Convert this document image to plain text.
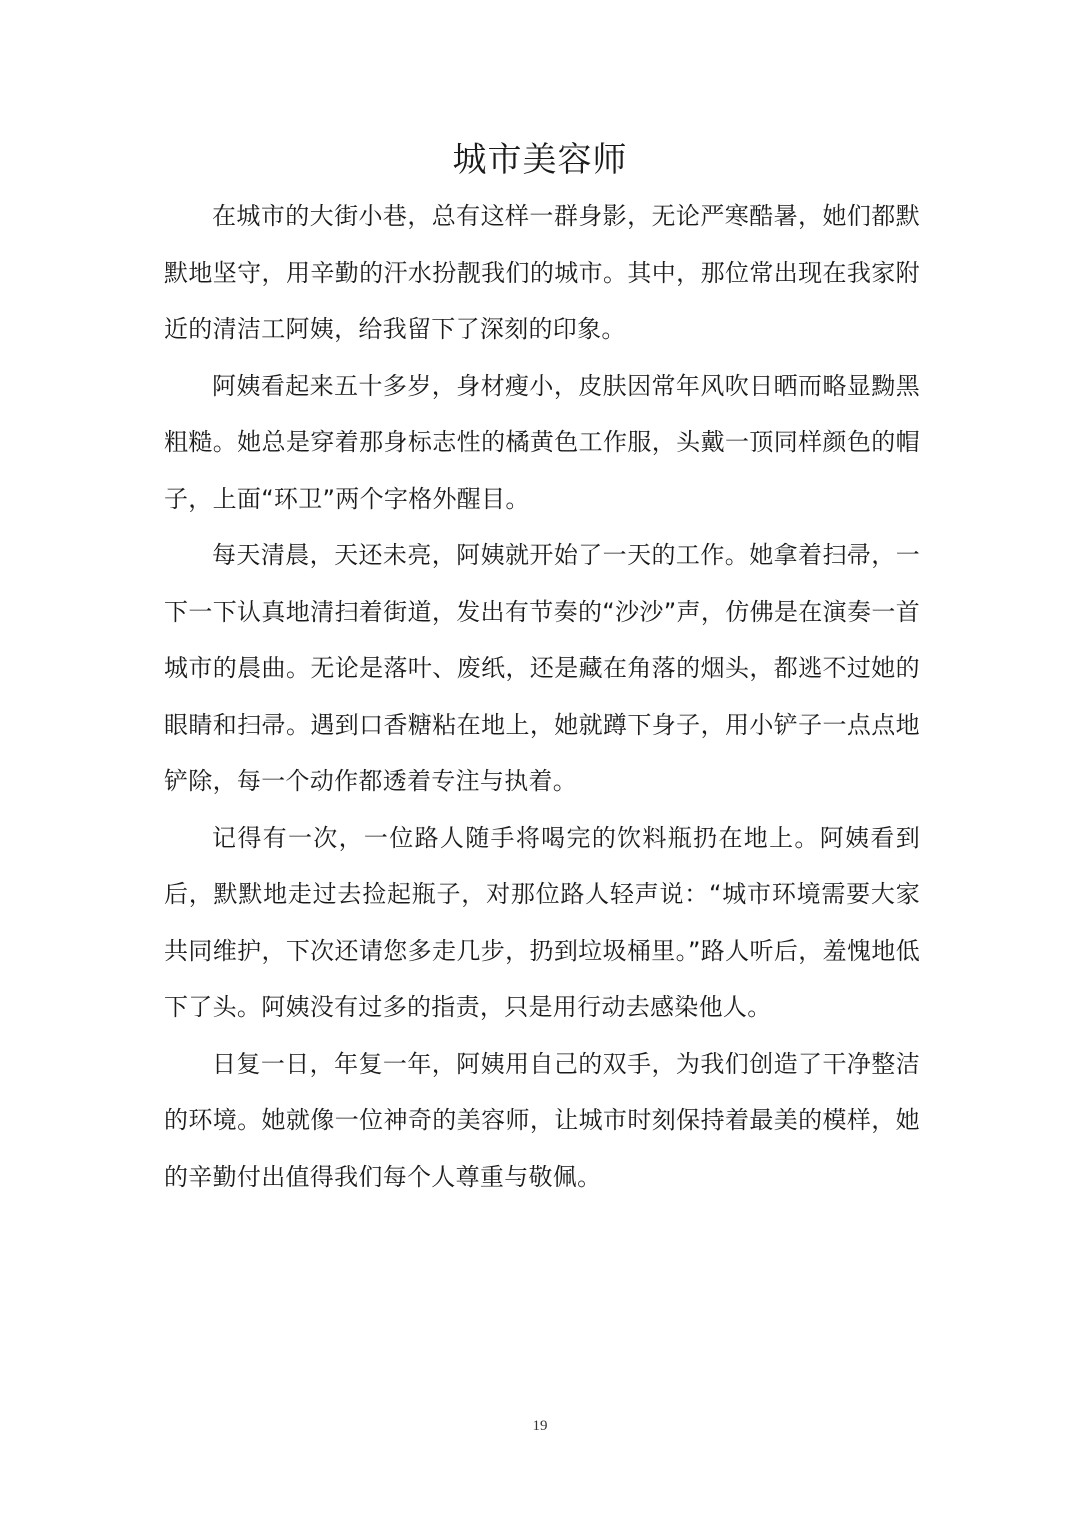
城市美容师

在城市的大街小巷，总有这样一群身影，无论严寒酷暑，她们都默默地坚守，用辛勤的汗水扮靓我们的城市。其中，那位常出现在我家附近的清洁工阿姨，给我留下了深刻的印象。

阿姨看起来五十多岁，身材瘦小，皮肤因常年风吹日晒而略显黝黑粗糙。她总是穿着那身标志性的橘黄色工作服，头戴一顶同样颜色的帽子，上面“环卫”两个字格外醒目。

每天清晨，天还未亮，阿姨就开始了一天的工作。她拿着扫帚，一下一下认真地清扫着街道，发出有节奏的“沙沙”声，仿佛是在演奏一首城市的晨曲。无论是落叶、废纸，还是藏在角落的烟头，都逃不过她的眼睛和扫帚。遇到口香糖粘在地上，她就蹲下身子，用小铲子一点点地铲除，每一个动作都透着专注与执着。

记得有一次，一位路人随手将喝完的饮料瓶扔在地上。阿姨看到后，默默地走过去捡起瓶子，对那位路人轻声说：“城市环境需要大家共同维护，下次还请您多走几步，扔到垃圾桶里。”路人听后，羞愧地低下了头。阿姨没有过多的指责，只是用行动去感染他人。

日复一日，年复一年，阿姨用自己的双手，为我们创造了干净整洁的环境。她就像一位神奇的美容师，让城市时刻保持着最美的模样，她的辛勤付出值得我们每个人尊重与敬佩。

19
